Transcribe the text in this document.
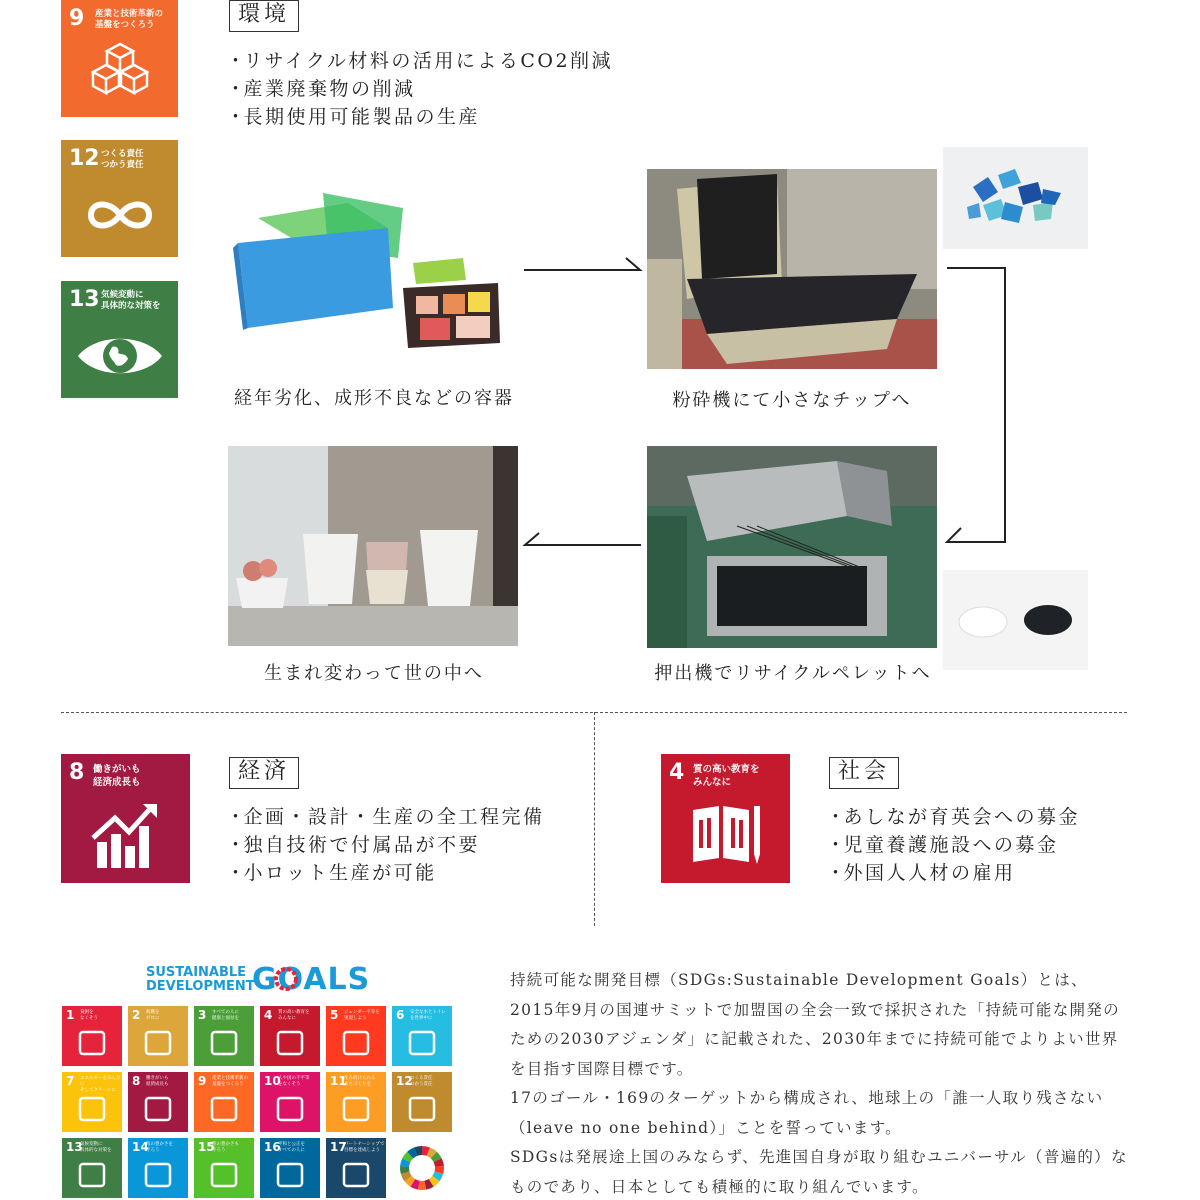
9 産業と技術革新の
基盤をつくろう
12 つくる責任
つかう責任
13 気候変動に
具体的な対策を
環境
・ リサイクル材料の活用によるCO2削減
・ 産業廃棄物の削減
・ 長期使用可能製品の生産
経年劣化、成形不良などの容器	粉砕機にて小さなチップへ
押出機でリサイクルペレットへ
生まれ変わって世の中へ
8 働きがいも
経済成長も	経済
・ 企画・設計・生産の全工程完備
・ 独自技術で付属品が不要
・ 小ロット生産が可能
4 質の高い教育を
みんなに	社会
・ あしなが育英会への募金
・ 児童養護施設への募金
・ 外国人人材の雇用
SUSTAINABLE
DEVELOPMENT
GOALS
1 貧困を
なくそう	2 飢餓を
ゼロに	3 すべての人に
健康と福祉を 4 質の高い教育を
みんなに	5 ジェンダー平等を
実現しよう	6 安全な水とトイレ
を世界中に
7 エネルギーをみんなに
そしてクリーンに
8 働きがいも
経済成長も 9 産業と技術革新の
基盤をつくろう	10
人や国の不平等
をなくそう	11
住み続けられる
まちづくりを	12
つくる責任
つかう責任
13
気候変動に
具体的な対策を 14
海の豊かさを
守ろう	15
陸の豊かさも
守ろう	16
平和と公正を
すべての人に 17
パートナーシップで
目標を達成しよう
持続可能な開発目標（SDGs:Sustainable Development Goals）とは、2015年9月の国連サミットで加盟国の全会一致で採択された「持続可能な開発のための2030アジェンダ」に記載された、2030年までに持続可能でよりよい世界を目指す国際目標です。
17のゴール・169のターゲットから構成され、地球上の「誰一人取り残さない（leave no one behind）」ことを誓っています。
SDGsは発展途上国のみならず、先進国自身が取り組むユニバーサル（普遍的）なものであり、日本としても積極的に取り組んでいます。
